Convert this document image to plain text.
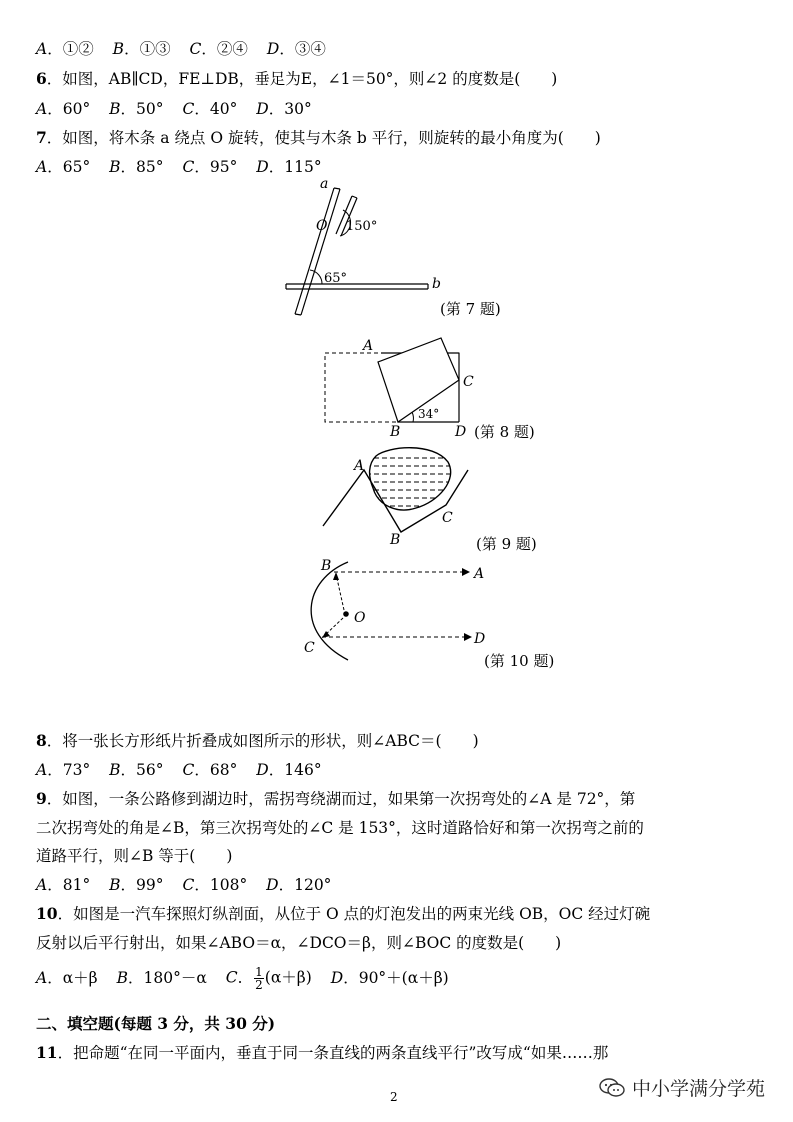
A．①② B．①③ C．②④ D．③④
6．如图，AB∥CD，FE⊥DB，垂足为E，∠1＝50°，则∠2 的度数是(　　)
A．60° B．50° C．40° D．30°
7．如图，将木条 a 绕点 O 旋转，使其与木条 b 平行，则旋转的最小角度为(　　)
A．65° B．85° C．95° D．115°
a
O 150°
65°	b
(第 7 题)
A
C
34°
B	D (第 8 题)
A
B
C
(第 9 题)
B	A
O
C
D
(第 10 题)
8．将一张长方形纸片折叠成如图所示的形状，则∠ABC＝(　　)
A．73° B．56° C．68° D．146°
9．如图，一条公路修到湖边时，需拐弯绕湖而过，如果第一次拐弯处的∠A 是 72°，第
二次拐弯处的角是∠B，第三次拐弯处的∠C 是 153°，这时道路恰好和第一次拐弯之前的
道路平行，则∠B 等于(　　)
A．81° B．99° C．108° D．120°
10．如图是一汽车探照灯纵剖面，从位于 O 点的灯泡发出的两束光线 OB，OC 经过灯碗
反射以后平行射出，如果∠ABO＝α，∠DCO＝β，则∠BOC 的度数是(　　)
A．α＋β B．180°－α C． $\frac{1}{2} (\alpha+\beta)$ D．90°＋(α＋β)
二、填空题(每题 3 分，共 30 分)
11．把命题“在同一平面内，垂直于同一条直线的两条直线平行”改写成“如果……那
2	中小学满分学苑
